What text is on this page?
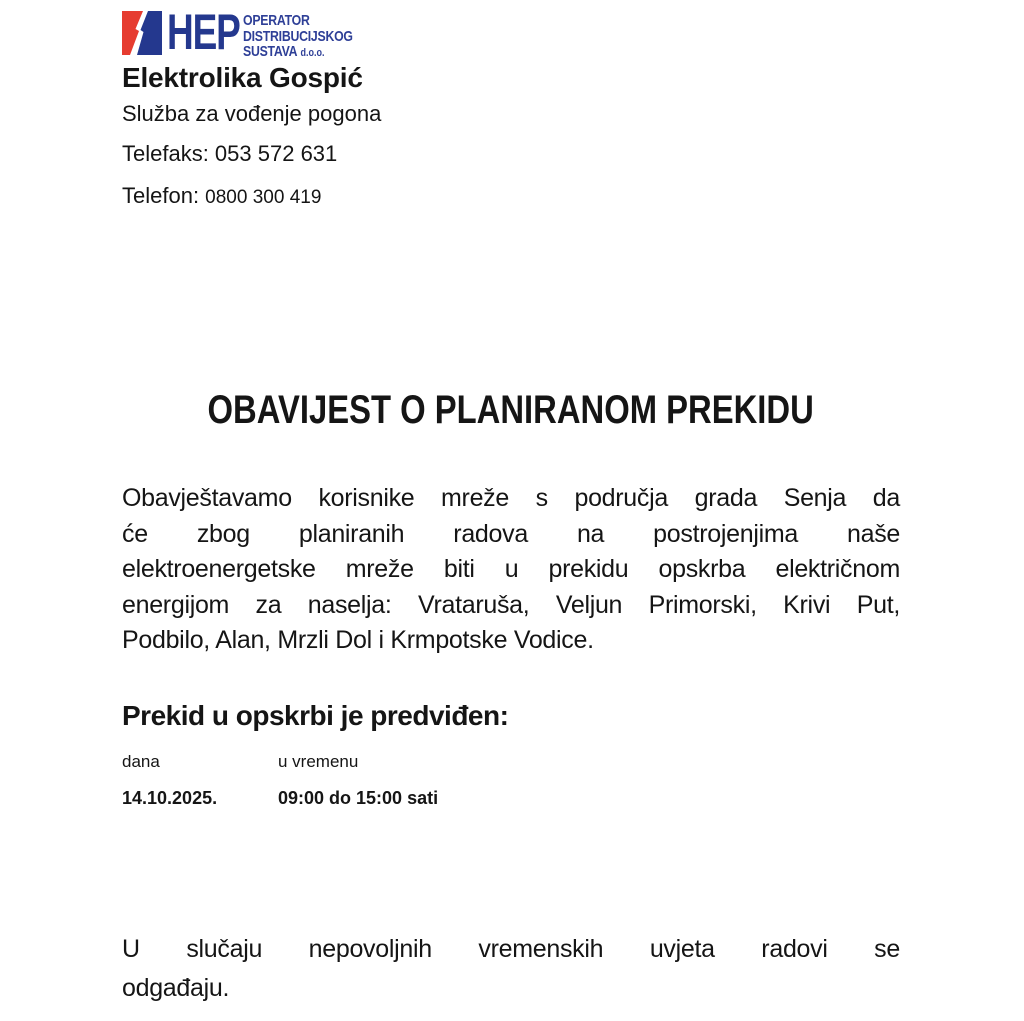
HEP OPERATOR
DISTRIBUCIJSKOG
SUSTAVA d.o.o.
Elektrolika Gospić
Služba za vođenje pogona
Telefaks: 053 572 631
Telefon: 0800 300 419
OBAVIJEST O PLANIRANOM PREKIDU
Obavještavamo korisnike mreže s područja grada Senja da
će zbog planiranih radova na postrojenjima naše
elektroenergetske mreže biti u prekidu opskrba električnom
energijom za naselja: Vrataruša, Veljun Primorski, Krivi Put,
Podbilo, Alan, Mrzli Dol i Krmpotske Vodice.
Prekid u opskrbi je predviđen:
dana	u vremenu
14.10.2025.	09:00 do 15:00 sati
U slučaju nepovoljnih vremenskih uvjeta radovi se
odgađaju.
